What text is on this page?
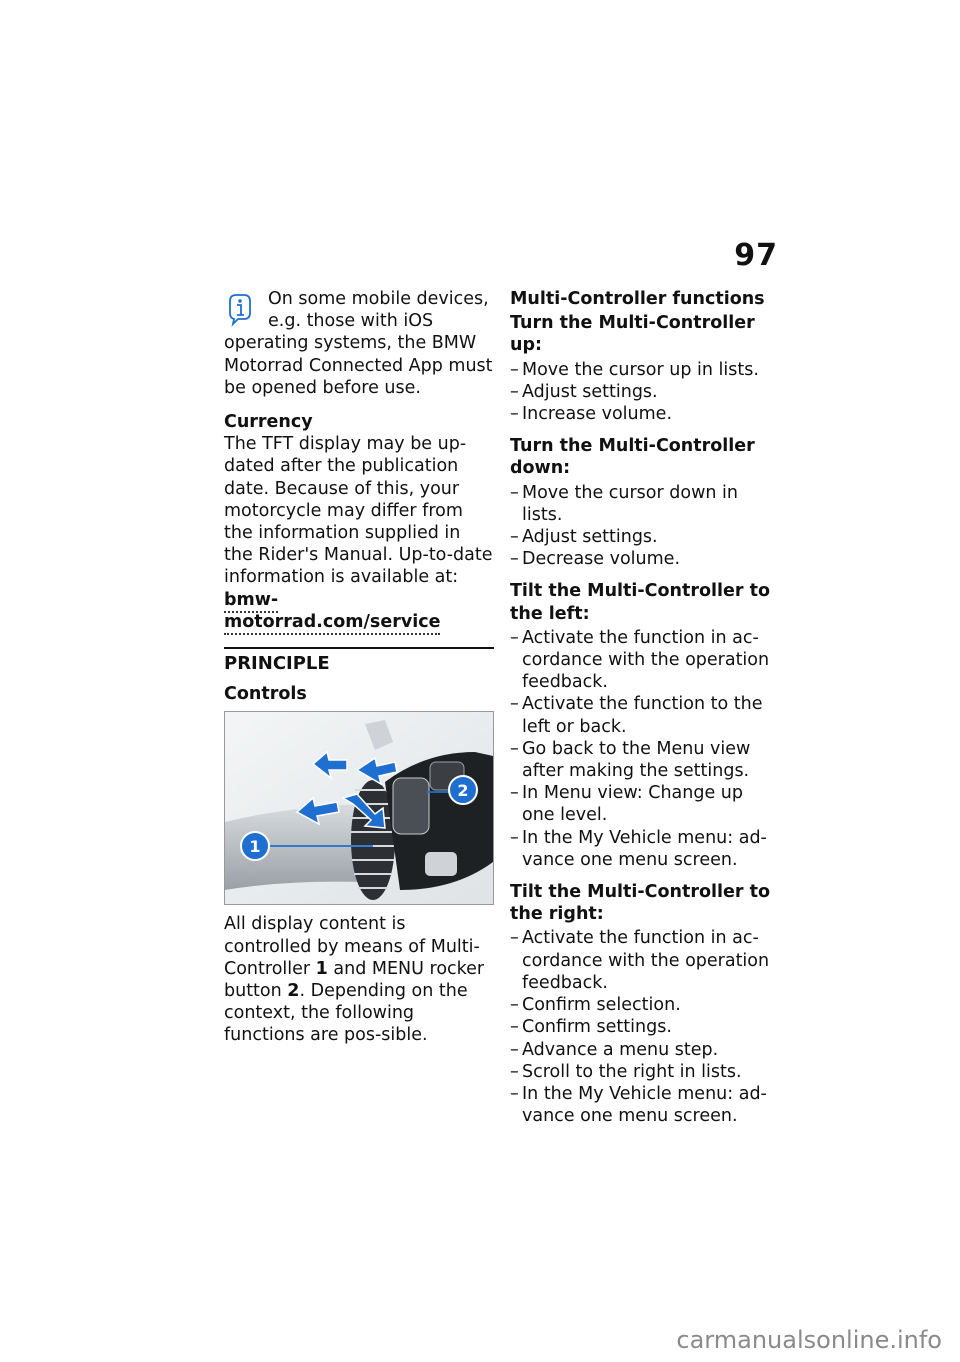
97
On some mobile devices,
e.g. those with iOS
operating systems, the BMW Motorrad Connected App must be opened before use.

Currency

The TFT display may be up-dated after the publication date. Because of this, your motorcycle may differ from the information supplied in the Rider's Manual. Up-to-date information is available at:

bmw-motorrad.com/service
PRINCIPLE
Controls
1
2

All display content is controlled by means of Multi-Controller 1 and MENU rocker button 2. Depending on the context, the following functions are pos-sible.

Multi-Controller functions

Turn the Multi-Controller up:

– Move the cursor up in lists.
– Adjust settings.
– Increase volume.

Turn the Multi-Controller down:

– Move the cursor down in lists.
– Adjust settings.
– Decrease volume.

Tilt the Multi-Controller to the left:

– Activate the function in ac-cordance with the operation feedback.
– Activate the function to the left or back.
– Go back to the Menu view after making the settings.
– In Menu view: Change up one level.
– In the My Vehicle menu: ad-vance one menu screen.

Tilt the Multi-Controller to the right:

– Activate the function in ac-cordance with the operation feedback.
– Confirm selection.
– Confirm settings.
– Advance a menu step.
– Scroll to the right in lists.
– In the My Vehicle menu: ad-vance one menu screen.
carmanualsonline.info
